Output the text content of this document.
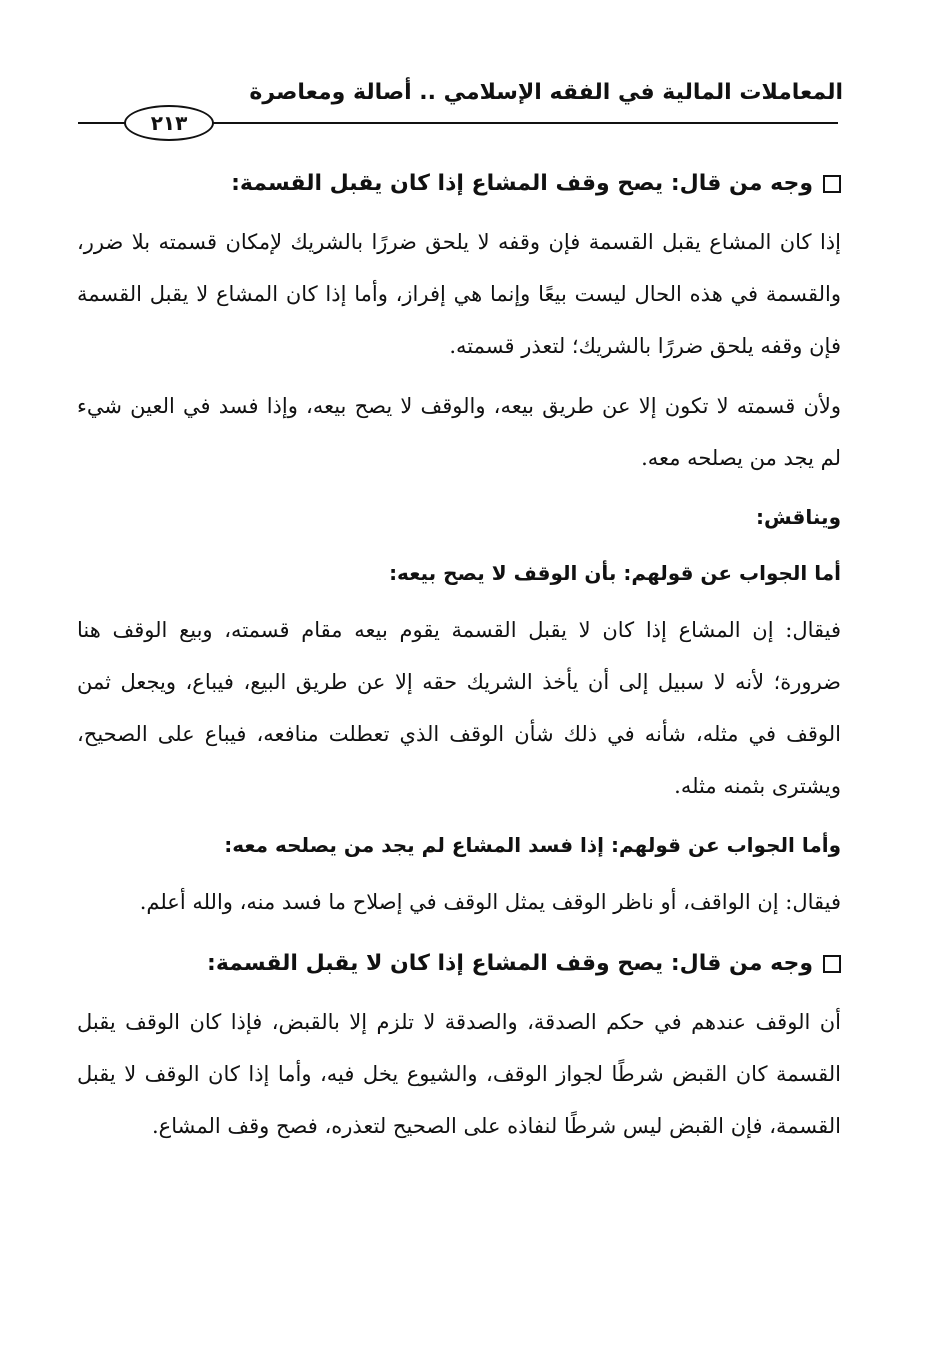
المعاملات المالية في الفقه الإسلامي .. أصالة ومعاصرة
٢١٣
وجه من قال: يصح وقف المشاع إذا كان يقبل القسمة:

إذا كان المشاع يقبل القسمة فإن وقفه لا يلحق ضررًا بالشريك لإمكان قسمته بلا ضرر، والقسمة في هذه الحال ليست بيعًا وإنما هي إفراز، وأما إذا كان المشاع لا يقبل القسمة فإن وقفه يلحق ضررًا بالشريك؛ لتعذر قسمته.

ولأن قسمته لا تكون إلا عن طريق بيعه، والوقف لا يصح بيعه، وإذا فسد في العين شيء لم يجد من يصلحه معه.

ويناقش:
أما الجواب عن قولهم: بأن الوقف لا يصح بيعه:

فيقال: إن المشاع إذا كان لا يقبل القسمة يقوم بيعه مقام قسمته، وبيع الوقف هنا ضرورة؛ لأنه لا سبيل إلى أن يأخذ الشريك حقه إلا عن طريق البيع، فيباع، ويجعل ثمن الوقف في مثله، شأنه في ذلك شأن الوقف الذي تعطلت منافعه، فيباع على الصحيح، ويشترى بثمنه مثله.

وأما الجواب عن قولهم: إذا فسد المشاع لم يجد من يصلحه معه:

فيقال: إن الواقف، أو ناظر الوقف يمثل الوقف في إصلاح ما فسد منه، والله أعلم.

وجه من قال: يصح وقف المشاع إذا كان لا يقبل القسمة:

أن الوقف عندهم في حكم الصدقة، والصدقة لا تلزم إلا بالقبض، فإذا كان الوقف يقبل القسمة كان القبض شرطًا لجواز الوقف، والشيوع يخل فيه، وأما إذا كان الوقف لا يقبل القسمة، فإن القبض ليس شرطًا لنفاذه على الصحيح لتعذره، فصح وقف المشاع.
